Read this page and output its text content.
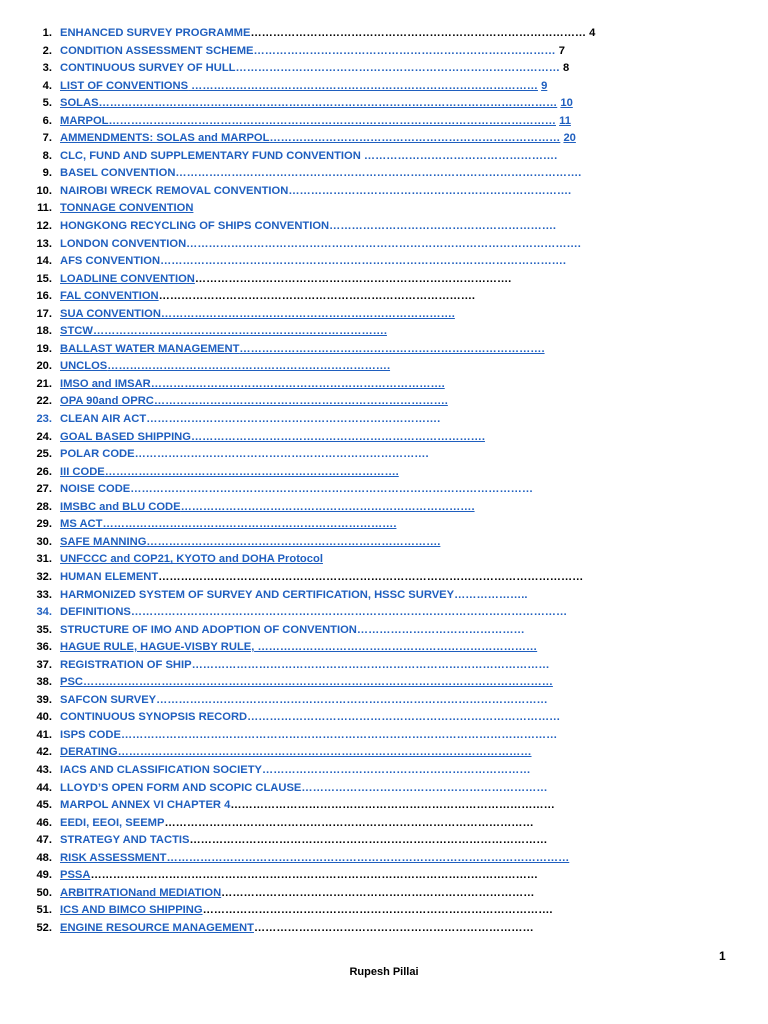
1. ENHANCED SURVEY PROGRAMME……………………………………………………………………………… 4
2. CONDITION ASSESSMENT SCHEME……………………………………………………………………… 7
3. CONTINUOUS SURVEY OF HULL…………………………………………………………………………… 8
4. LIST OF CONVENTIONS ………………………………………………………………………………… 9
5. SOLAS…………………………………………………………………………………………………………… 10
6. MARPOL………………………………………………………………………………………………………… 11
7. AMMENDMENTS: SOLAS and MARPOL…………………………………………………………………… 20
8. CLC, FUND AND SUPPLEMENTARY FUND CONVENTION …………………………………………….
9. BASEL CONVENTION……………………………………………………………………………………………….
10. NAIROBI WRECK REMOVAL CONVENTION………………………………………………………………….
11. TONNAGE CONVENTION
12. HONGKONG RECYCLING OF SHIPS CONVENTION…………………………………………………….
13. LONDON CONVENTION…………………………………………………………………………………………….
14. AFS CONVENTION……………………………………………………………………………………………….
15. LOADLINE CONVENTION………………………………………………………………………….
16. FAL CONVENTION………………………………………………………………………….
17. SUA CONVENTION…………………………………………………………………….
18. STCW…………………………………………………………………….
19. BALLAST WATER MANAGEMENT……………………………………………………………………….
20. UNCLOS………………………………………………………………….
21. IMSO and IMSAR…………………………………………………………………….
22. OPA 90and OPRC…………………………………………………………………….
23. CLEAN AIR ACT…………………………………………………………………….
24. GOAL BASED SHIPPING…………………………………………………………………….
25. POLAR CODE…………………………………………………………………….
26. III CODE…………………………………………………………………….
27. NOISE CODE………………………………………………………………………………………………
28. IMSBC and BLU CODE…………………………………………………………………….
29. MS ACT…………………………………………………………………….
30. SAFE MANNING…………………………………………………………………….
31. UNFCCC and COP21, KYOTO and DOHA Protocol
32. HUMAN ELEMENT……………………………………………………………………………………………………
33. HARMONIZED SYSTEM OF SURVEY AND CERTIFICATION, HSSC SURVEY………………..
34. DEFINITIONS………………………………………………………………………………………………………
35. STRUCTURE OF IMO AND ADOPTION OF CONVENTION………………………………………
36. HAGUE RULE, HAGUE-VISBY RULE, …………………………………………………………………
37. REGISTRATION OF SHIP……………………………………………………………………………………
38. PSC………………………………………………………………………………………………………………
39. SAFCON SURVEY……………………………………………………………………………………………
40. CONTINUOUS SYNOPSIS RECORD…………………………………………………………………………
41. ISPS CODE………………………………………………………………………………………………………
42. DERATING…………………………………………………………………………………………………
43. IACS AND CLASSIFICATION SOCIETY………………………………………………………………
44. LLOYD’S OPEN FORM AND SCOPIC CLAUSE…………………………………………………………
45. MARPOL ANNEX VI CHAPTER 4……………………………………………………………………………
46. EEDI, EEOI, SEEMP………………………………………………………………………………………
47. STRATEGY AND TACTIS……………………………………………………………………………………
48. RISK ASSESSMENT………………………………………………………………………………………………
49. PSSA…………………………………………………………………………………………………………
50. ARBITRATIONand MEDIATION…………………………………………………………………………
51. ICS AND BIMCO SHIPPING………………………………………………………………………………….
52. ENGINE RESOURCE MANAGEMENT…………………………………………………………………
1
Rupesh Pillai
